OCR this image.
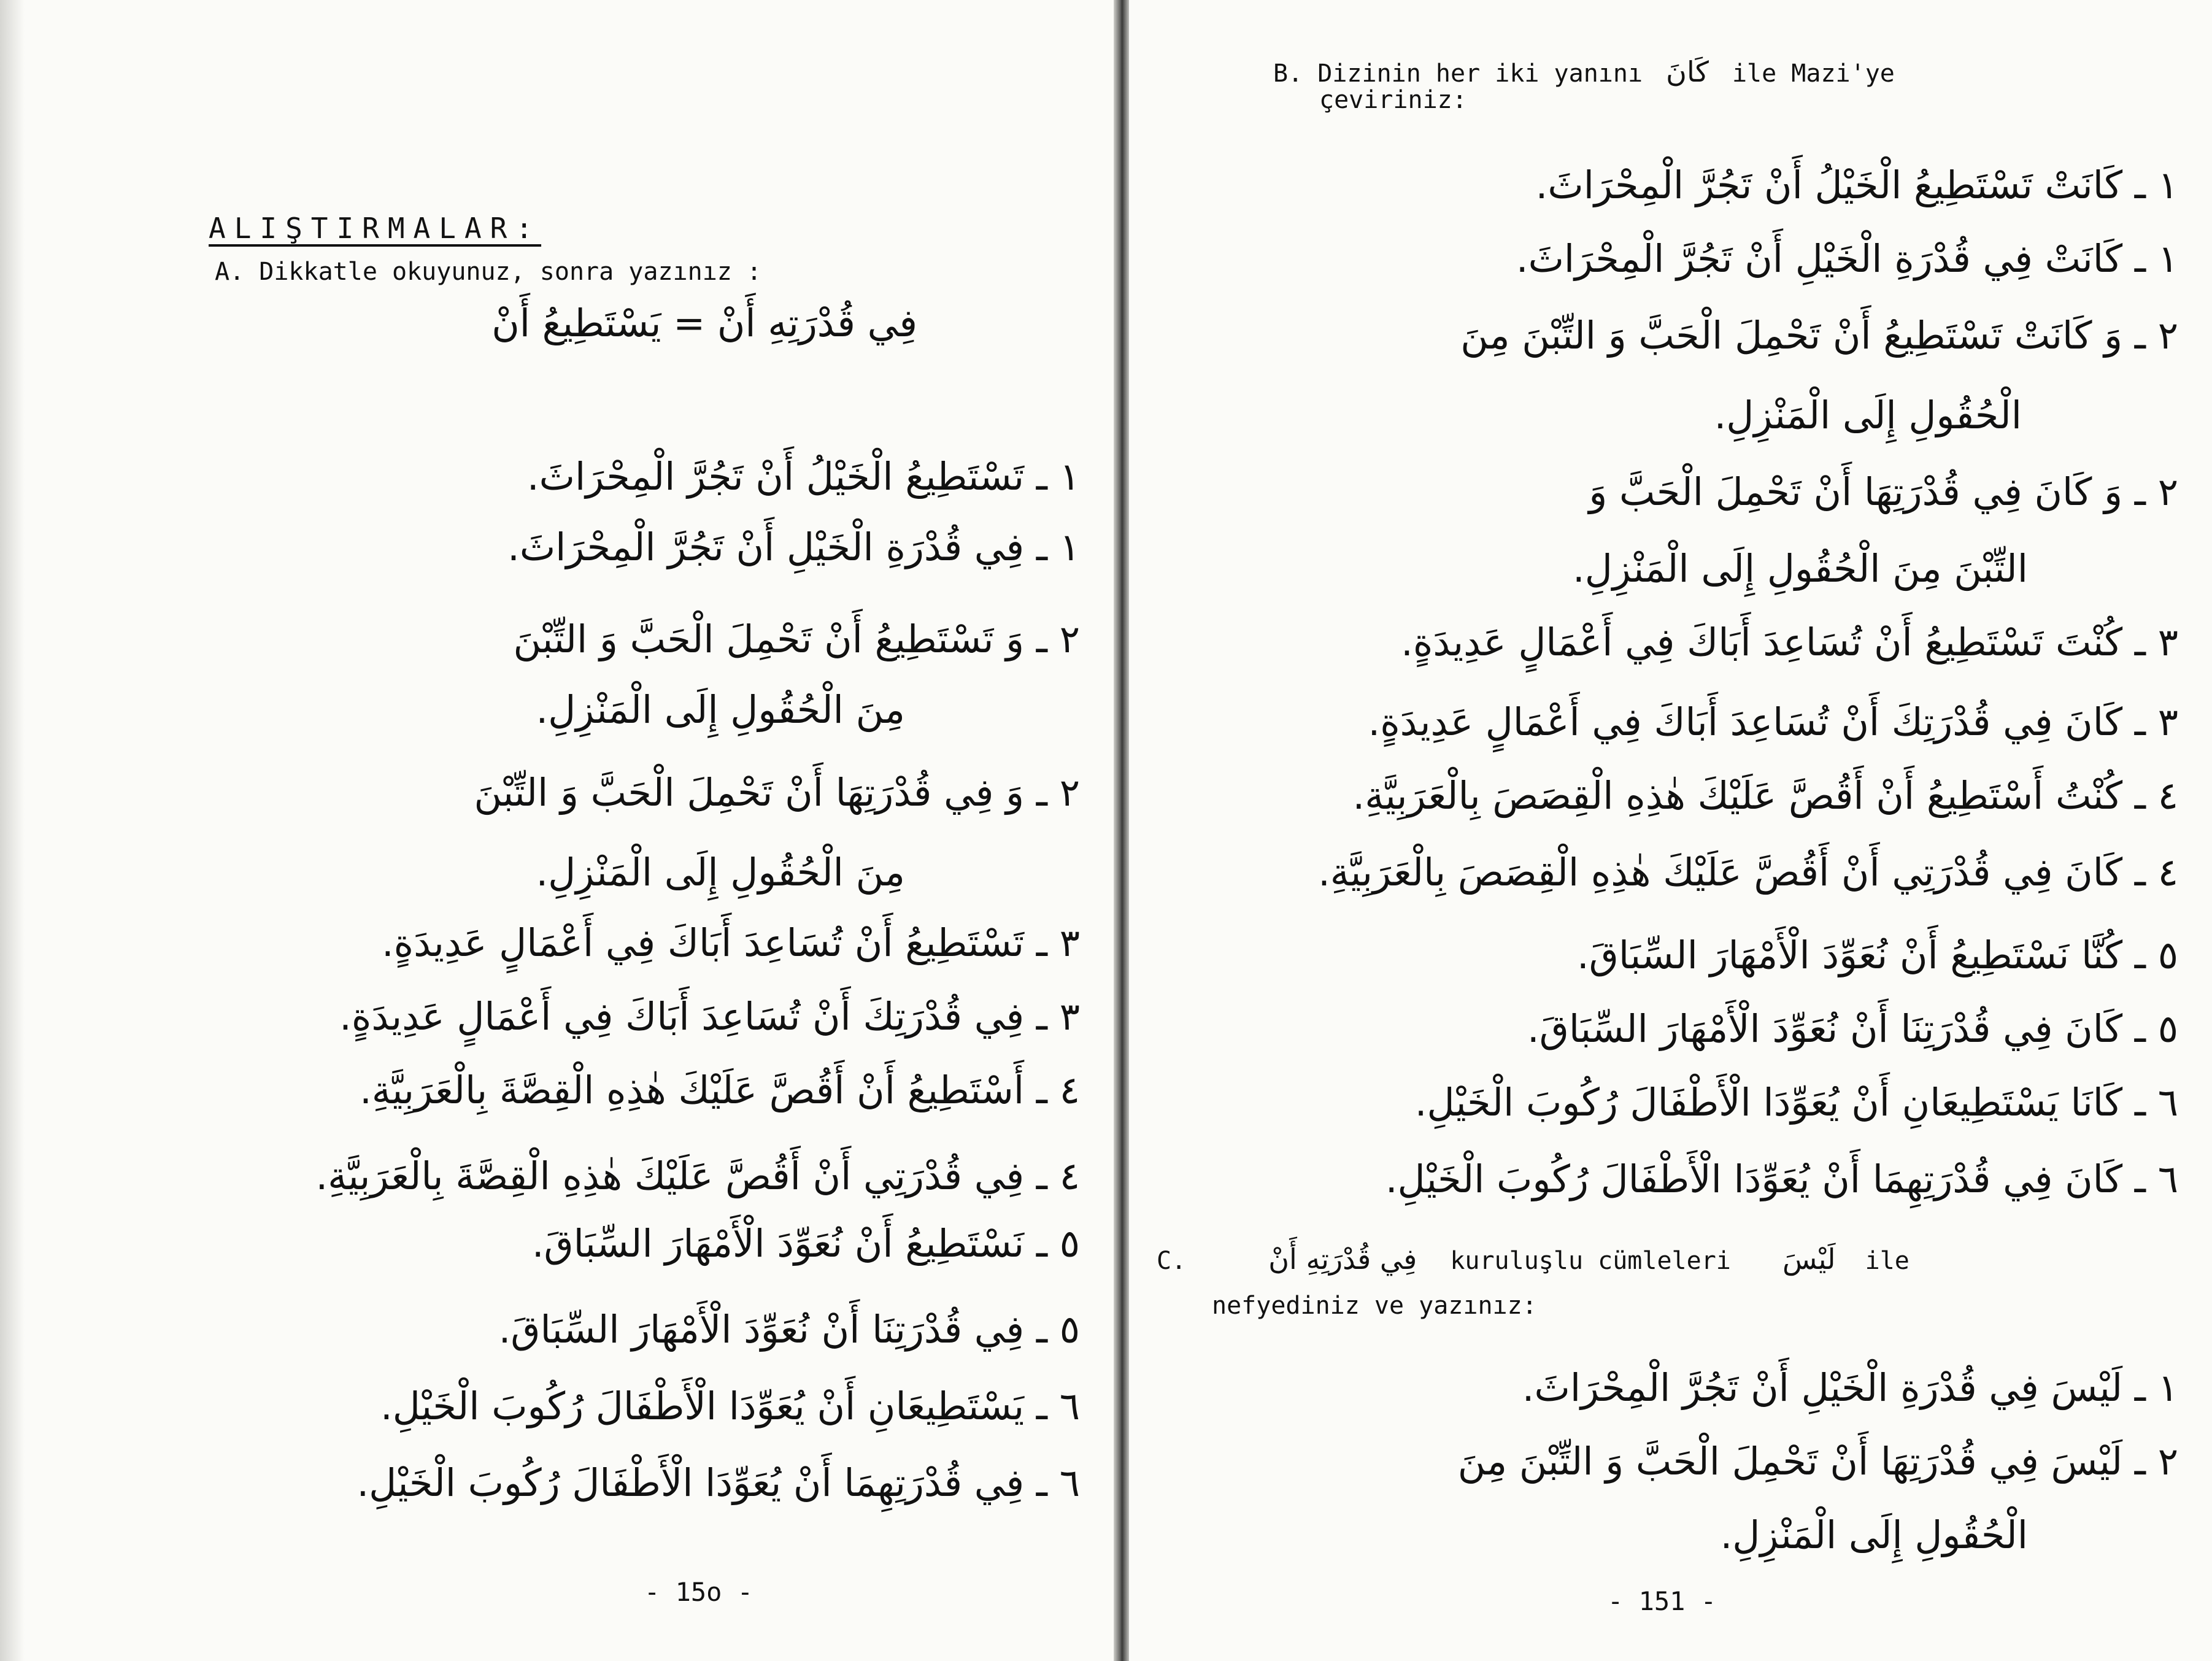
ALIŞTIRMALAR:
A. Dikkatle okuyunuz, sonra yazınız :
فِي قُدْرَتِهِ أَنْ = يَسْتَطِيعُ أَنْ
١ ـ تَسْتَطِيعُ الْخَيْلُ أَنْ تَجُرَّ الْمِحْرَاثَ.
١ ـ فِي قُدْرَةِ الْخَيْلِ أَنْ تَجُرَّ الْمِحْرَاثَ.
٢ ـ وَ تَسْتَطِيعُ أَنْ تَحْمِلَ الْحَبَّ وَ التِّبْنَ
مِنَ الْحُقُولِ إِلَى الْمَنْزِلِ.
٢ ـ وَ فِي قُدْرَتِهَا أَنْ تَحْمِلَ الْحَبَّ وَ التِّبْنَ
مِنَ الْحُقُولِ إِلَى الْمَنْزِلِ.
٣ ـ تَسْتَطِيعُ أَنْ تُسَاعِدَ أَبَاكَ فِي أَعْمَالٍ عَدِيدَةٍ.
٣ ـ فِي قُدْرَتِكَ أَنْ تُسَاعِدَ أَبَاكَ فِي أَعْمَالٍ عَدِيدَةٍ.
٤ ـ أَسْتَطِيعُ أَنْ أَقُصَّ عَلَيْكَ هٰذِهِ الْقِصَّةَ بِالْعَرَبِيَّةِ.
٤ ـ فِي قُدْرَتِي أَنْ أَقُصَّ عَلَيْكَ هٰذِهِ الْقِصَّةَ بِالْعَرَبِيَّةِ.
٥ ـ نَسْتَطِيعُ أَنْ نُعَوِّدَ الْأَمْهَارَ السِّبَاقَ.
٥ ـ فِي قُدْرَتِنَا أَنْ نُعَوِّدَ الْأَمْهَارَ السِّبَاقَ.
٦ ـ يَسْتَطِيعَانِ أَنْ يُعَوِّدَا الْأَطْفَالَ رُكُوبَ الْخَيْلِ.
٦ ـ فِي قُدْرَتِهِمَا أَنْ يُعَوِّدَا الْأَطْفَالَ رُكُوبَ الْخَيْلِ.
- 15o -
B. Dizinin her iki yanını كَانَ ile Mazi'ye
çeviriniz:
١ ـ كَانَتْ تَسْتَطِيعُ الْخَيْلُ أَنْ تَجُرَّ الْمِحْرَاثَ.
١ ـ كَانَتْ فِي قُدْرَةِ الْخَيْلِ أَنْ تَجُرَّ الْمِحْرَاثَ.
٢ ـ وَ كَانَتْ تَسْتَطِيعُ أَنْ تَحْمِلَ الْحَبَّ وَ التِّبْنَ مِنَ
الْحُقُولِ إِلَى الْمَنْزِلِ.
٢ ـ وَ كَانَ فِي قُدْرَتِهَا أَنْ تَحْمِلَ الْحَبَّ وَ
التِّبْنَ مِنَ الْحُقُولِ إِلَى الْمَنْزِلِ.
٣ ـ كُنْتَ تَسْتَطِيعُ أَنْ تُسَاعِدَ أَبَاكَ فِي أَعْمَالٍ عَدِيدَةٍ.
٣ ـ كَانَ فِي قُدْرَتِكَ أَنْ تُسَاعِدَ أَبَاكَ فِي أَعْمَالٍ عَدِيدَةٍ.
٤ ـ كُنْتُ أَسْتَطِيعُ أَنْ أَقُصَّ عَلَيْكَ هٰذِهِ الْقِصَصَ بِالْعَرَبِيَّةِ.
٤ ـ كَانَ فِي قُدْرَتِي أَنْ أَقُصَّ عَلَيْكَ هٰذِهِ الْقِصَصَ بِالْعَرَبِيَّةِ.
٥ ـ كُنَّا نَسْتَطِيعُ أَنْ نُعَوِّدَ الْأَمْهَارَ السِّبَاقَ.
٥ ـ كَانَ فِي قُدْرَتِنَا أَنْ نُعَوِّدَ الْأَمْهَارَ السِّبَاقَ.
٦ ـ كَانَا يَسْتَطِيعَانِ أَنْ يُعَوِّدَا الْأَطْفَالَ رُكُوبَ الْخَيْلِ.
٦ ـ كَانَ فِي قُدْرَتِهِمَا أَنْ يُعَوِّدَا الْأَطْفَالَ رُكُوبَ الْخَيْلِ.
C.	فِي قُدْرَتِهِ أَنْ kuruluşlu cümleleri لَيْسَ ile
nefyediniz ve yazınız:
١ ـ لَيْسَ فِي قُدْرَةِ الْخَيْلِ أَنْ تَجُرَّ الْمِحْرَاثَ.
٢ ـ لَيْسَ فِي قُدْرَتِهَا أَنْ تَحْمِلَ الْحَبَّ وَ التِّبْنَ مِنَ
الْحُقُولِ إِلَى الْمَنْزِلِ.
- 151 -
